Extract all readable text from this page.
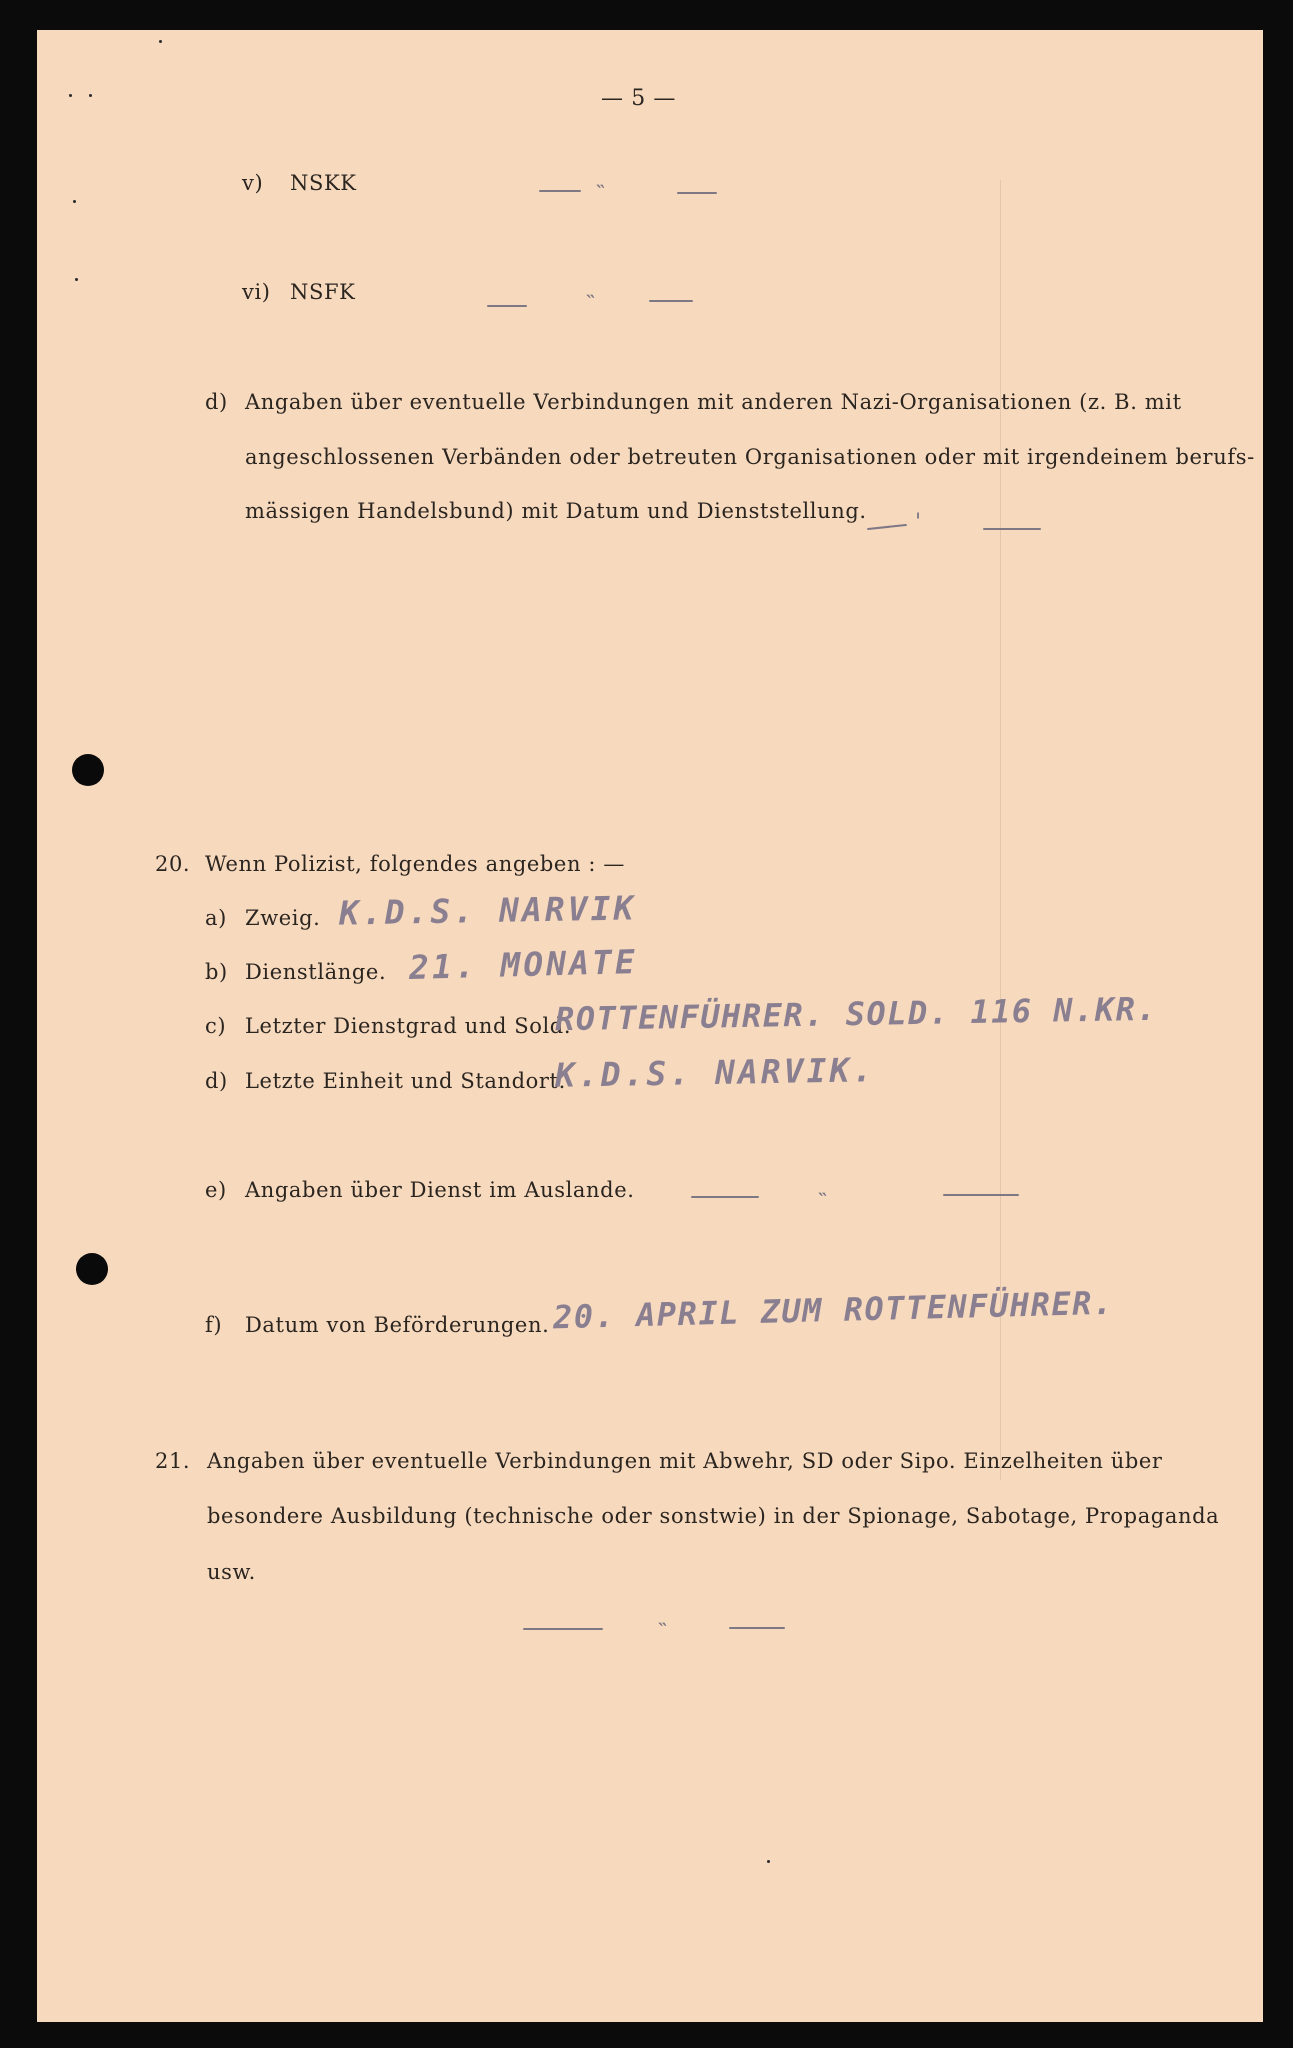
— 5 —
v) NSKK	˵
vi) NSFK	˵
d) Angaben über eventuelle Verbindungen mit anderen Nazi-Organisationen (z. B. mit
angeschlossenen Verbänden oder betreuten Organisationen oder mit irgendeinem berufs-
mässigen Handelsbund) mit Datum und Dienststellung. '
20. Wenn Polizist, folgendes angeben : —
a) Zweig. K.D.S. NARVIK
b) Dienstlänge. 21. MONATE
c) Letzter Dienstgrad und Sold.
ROTTENFÜHRER. SOLD. 116 N.KR.
d) Letzte Einheit und Standort.
K.D.S. NARVIK.
e) Angaben über Dienst im Auslande.	˵
f) Datum von Beförderungen. 20. APRIL ZUM ROTTENFÜHRER.
21. Angaben über eventuelle Verbindungen mit Abwehr, SD oder Sipo. Einzelheiten über
besondere Ausbildung (technische oder sonstwie) in der Spionage, Sabotage, Propaganda
usw.
˵
